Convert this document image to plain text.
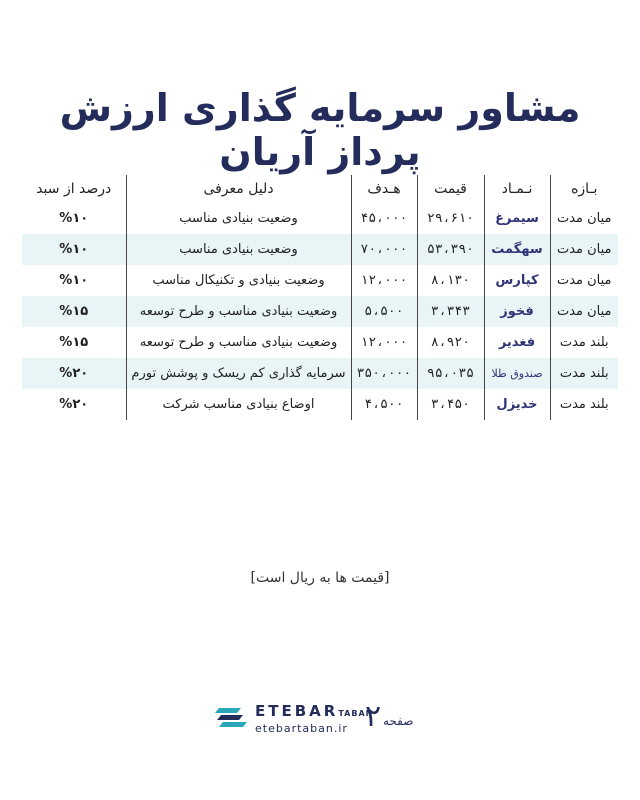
مشاور سرمایه گذاری ارزش پرداز آریان
بـازه	نـمـاد	قیمت	هـدف	دلیل معرفی	درصد از سبد
میان مدت	سیمرغ	۲۹،۶۱۰	۴۵،۰۰۰	وضعیت بنیادی مناسب	%۱۰
میان مدت	سهگمت	۵۳،۳۹۰	۷۰،۰۰۰	وضعیت بنیادی مناسب	%۱۰
میان مدت	کپارس	۸،۱۳۰	۱۲،۰۰۰	وضعیت بنیادی و تکنیکال مناسب	%۱۰
میان مدت	فخوز	۳،۳۴۳	۵،۵۰۰	وضعیت بنیادی مناسب و طرح توسعه	%۱۵
بلند مدت	فغدیر	۸،۹۲۰	۱۲،۰۰۰	وضعیت بنیادی مناسب و طرح توسعه	%۱۵
بلند مدت	صندوق طلا	۹۵،۰۳۵	۳۵۰،۰۰۰	سرمایه گذاری کم ریسک و پوشش تورم	%۲۰
بلند مدت	خدیزل	۳،۴۵۰	۴،۵۰۰	اوضاع بنیادی مناسب شرکت	%۲۰
[قیمت ها به ریال است]
ETEBARTABAN
etebartaban.ir ۲ صفحه
